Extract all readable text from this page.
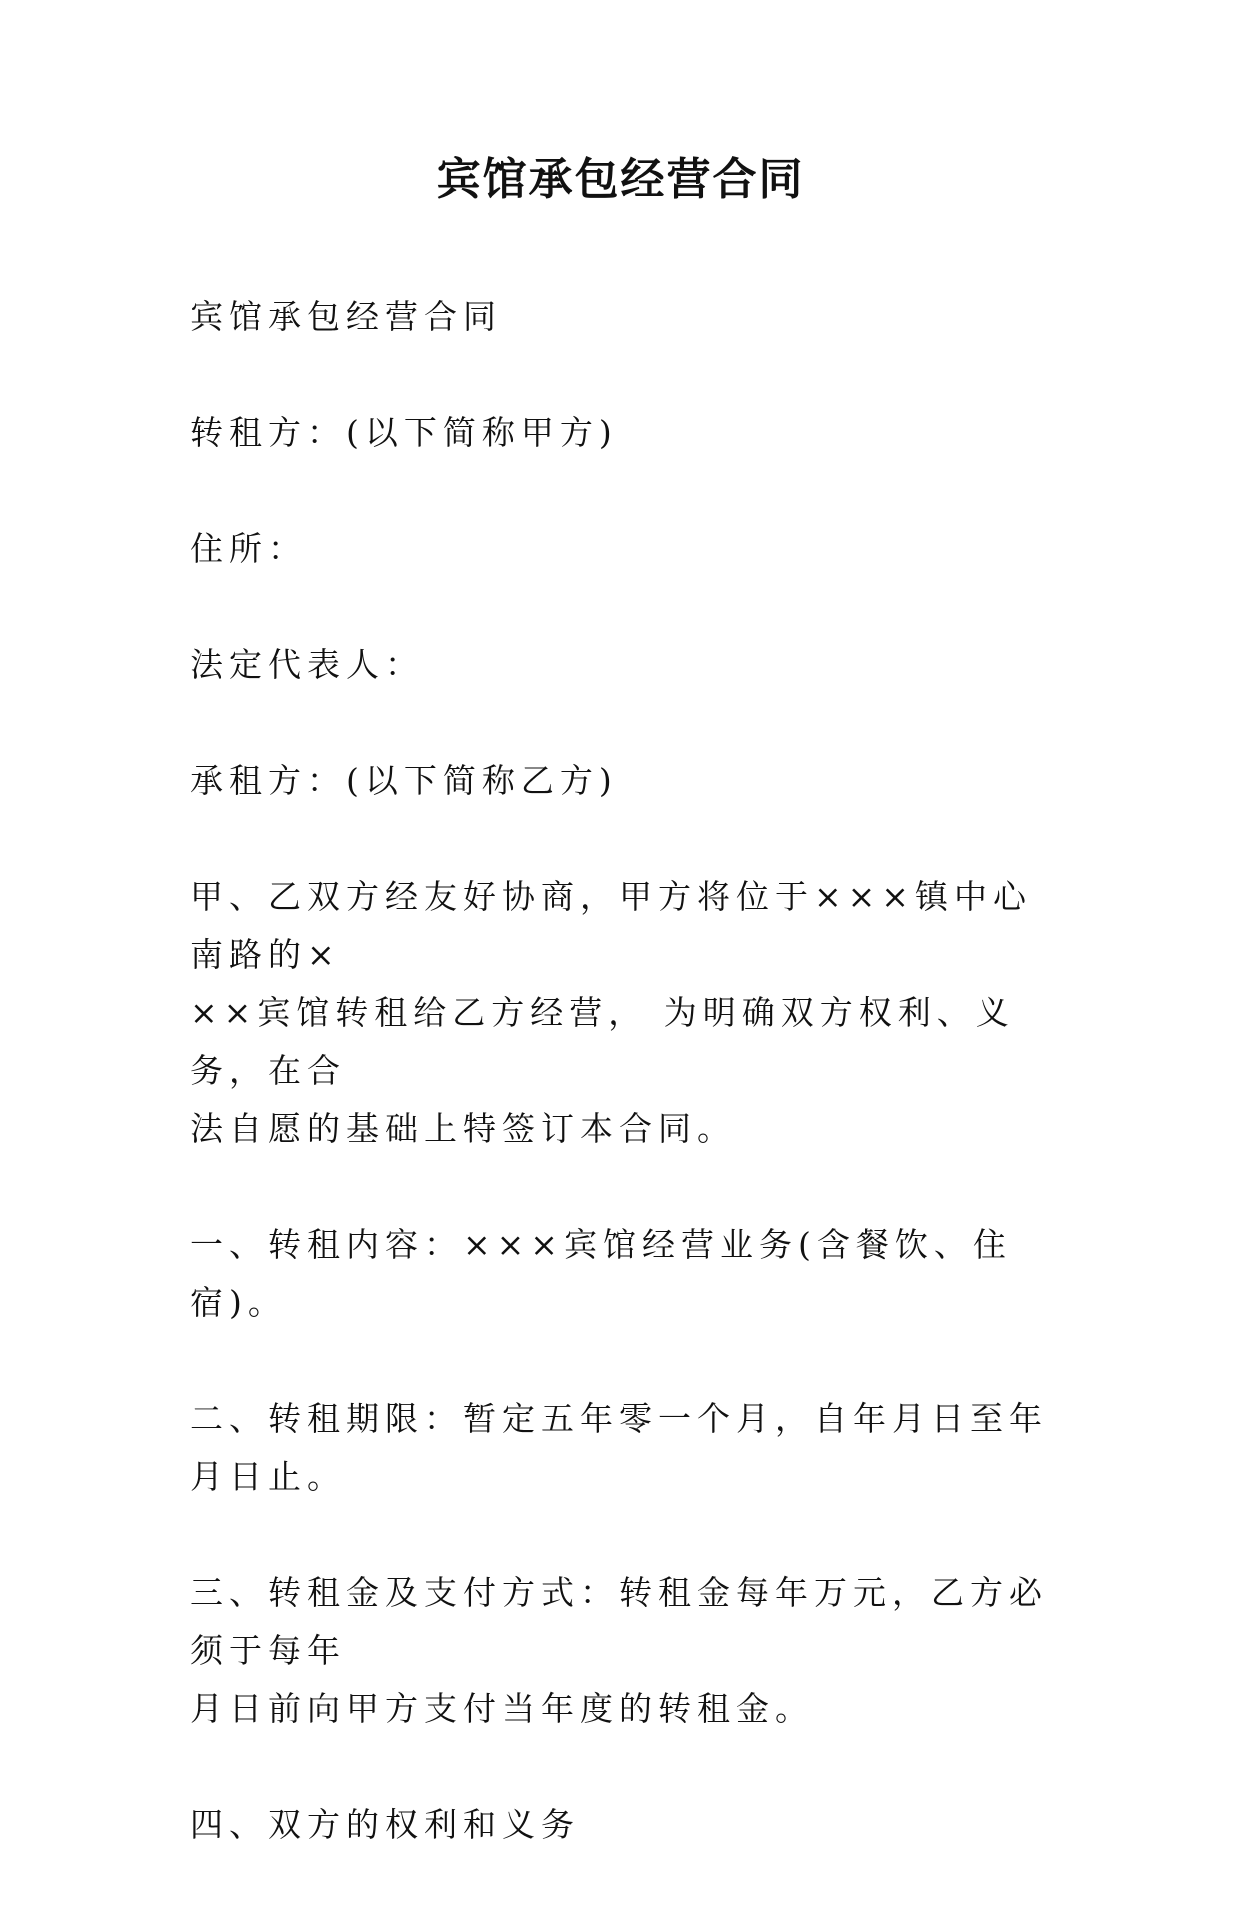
宾馆承包经营合同

宾馆承包经营合同

转租方：(以下简称甲方)

住所：

法定代表人：

承租方：(以下简称乙方)

甲、乙双方经友好协商，甲方将位于×××镇中心南路的×
××宾馆转租给乙方经营， 为明确双方权利、义务，在合
法自愿的基础上特签订本合同。

一、转租内容：×××宾馆经营业务(含餐饮、住宿)。

二、转租期限：暂定五年零一个月，自年月日至年月日止。

三、转租金及支付方式：转租金每年万元，乙方必须于每年
月日前向甲方支付当年度的转租金。

四、双方的权利和义务
